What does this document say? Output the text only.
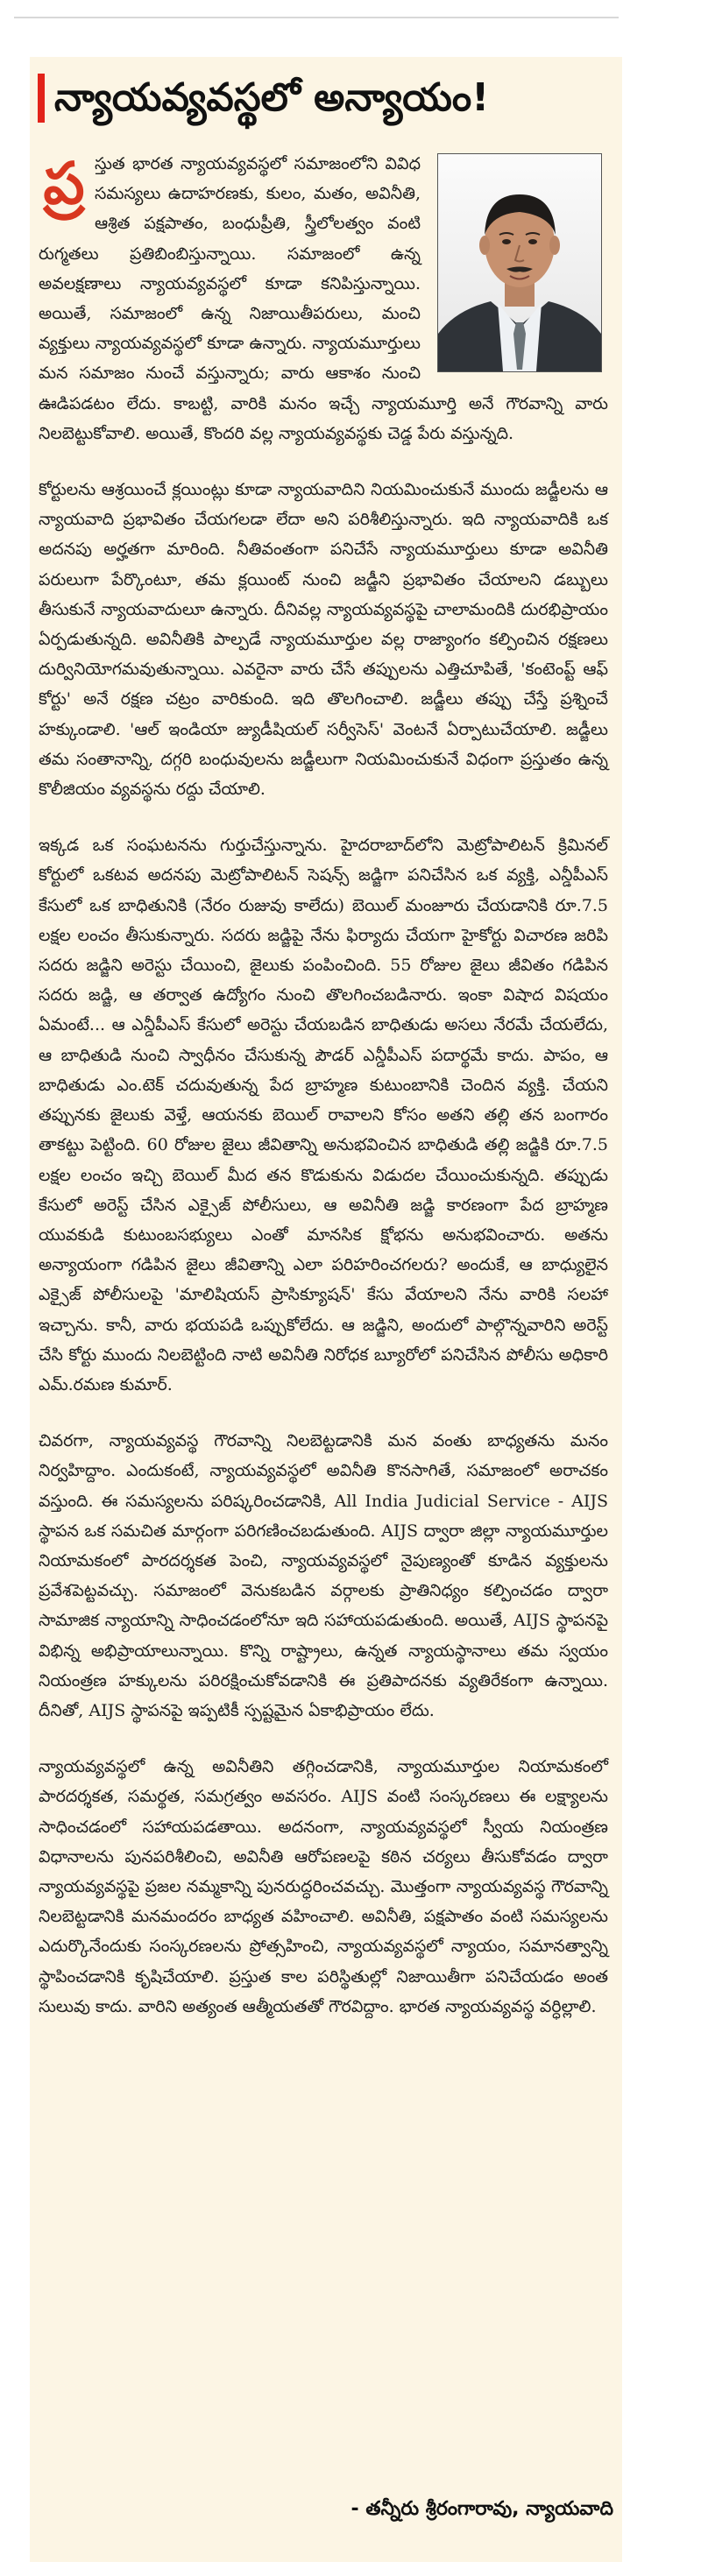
న్యాయవ్యవస్థలో అన్యాయం!

ప్ర స్తుత భారత న్యాయవ్యవస్థలో సమాజంలోని వివిధ సమస్యలు ఉదాహరణకు, కులం, మతం, అవినీతి, ఆశ్రిత పక్షపాతం, బంధుప్రీతి, స్త్రీలోలత్వం వంటి రుగ్మతలు ప్రతిబింబిస్తున్నాయి. సమాజంలో ఉన్న అవలక్షణాలు న్యాయవ్యవస్థలో కూడా కనిపిస్తున్నాయి. అయితే, సమాజంలో ఉన్న నిజాయితీపరులు, మంచి వ్యక్తులు న్యాయవ్యవస్థలో కూడా ఉన్నారు. న్యాయమూర్తులు మన సమాజం నుంచే వస్తున్నారు; వారు ఆకాశం నుంచి ఊడిపడటం లేదు. కాబట్టి, వారికి మనం ఇచ్చే న్యాయమూర్తి అనే గౌరవాన్ని వారు నిలబెట్టుకోవాలి. అయితే, కొందరి వల్ల న్యాయవ్యవస్థకు చెడ్డ పేరు వస్తున్నది.

కోర్టులను ఆశ్రయించే క్లయింట్లు కూడా న్యాయవాదిని నియమించుకునే ముందు జడ్జీలను ఆ న్యాయవాది ప్రభావితం చేయగలడా లేదా అని పరిశీలిస్తున్నారు. ఇది న్యాయవాదికి ఒక అదనపు అర్హతగా మారింది. నీతివంతంగా పనిచేసే న్యాయమూర్తులు కూడా అవినీతి పరులుగా పేర్కొంటూ, తమ క్లయింట్ నుంచి జడ్జీని ప్రభావితం చేయాలని డబ్బులు తీసుకునే న్యాయవాదులూ ఉన్నారు. దీనివల్ల న్యాయవ్యవస్థపై చాలామందికి దురభిప్రాయం ఏర్పడుతున్నది. అవినీతికి పాల్పడే న్యాయమూర్తుల వల్ల రాజ్యాంగం కల్పించిన రక్షణలు దుర్వినియోగమవుతున్నాయి. ఎవరైనా వారు చేసే తప్పులను ఎత్తిచూపితే, 'కంటెంప్ట్ ఆఫ్ కోర్టు' అనే రక్షణ చట్రం వారికుంది. ఇది తొలగించాలి. జడ్జీలు తప్పు చేస్తే ప్రశ్నించే హక్కుండాలి. 'ఆల్ ఇండియా జ్యుడీషియల్ సర్వీసెస్' వెంటనే ఏర్పాటుచేయాలి. జడ్జీలు తమ సంతానాన్ని, దగ్గరి బంధువులను జడ్జీలుగా నియమించుకునే విధంగా ప్రస్తుతం ఉన్న కొలీజియం వ్యవస్థను రద్దు చేయాలి.

ఇక్కడ ఒక సంఘటనను గుర్తుచేస్తున్నాను. హైదరాబాద్‌లోని మెట్రోపాలిటన్ క్రిమినల్ కోర్టులో ఒకటవ అదనపు మెట్రోపాలిటన్ సెషన్స్ జడ్జిగా పనిచేసిన ఒక వ్యక్తి, ఎన్డీపీఎస్ కేసులో ఒక బాధితునికి (నేరం రుజువు కాలేదు) బెయిల్ మంజూరు చేయడానికి రూ.7.5 లక్షల లంచం తీసుకున్నారు. సదరు జడ్జిపై నేను ఫిర్యాదు చేయగా హైకోర్టు విచారణ జరిపి సదరు జడ్జిని అరెస్టు చేయించి, జైలుకు పంపించింది. 55 రోజుల జైలు జీవితం గడిపిన సదరు జడ్జి, ఆ తర్వాత ఉద్యోగం నుంచి తొలగించబడినారు. ఇంకా విషాద విషయం ఏమంటే... ఆ ఎన్డీపీఎస్ కేసులో అరెస్టు చేయబడిన బాధితుడు అసలు నేరమే చేయలేదు, ఆ బాధితుడి నుంచి స్వాధీనం చేసుకున్న పౌడర్ ఎన్డీపీఎస్ పదార్థమే కాదు. పాపం, ఆ బాధితుడు ఎం.టెక్ చదువుతున్న పేద బ్రాహ్మణ కుటుంబానికి చెందిన వ్యక్తి. చేయని తప్పునకు జైలుకు వెళ్తే, ఆయనకు బెయిల్ రావాలని కోసం అతని తల్లి తన బంగారం తాకట్టు పెట్టింది. 60 రోజుల జైలు జీవితాన్ని అనుభవించిన బాధితుడి తల్లి జడ్జికి రూ.7.5 లక్షల లంచం ఇచ్చి బెయిల్ మీద తన కొడుకును విడుదల చేయించుకున్నది. తప్పుడు కేసులో అరెస్ట్ చేసిన ఎక్సైజ్ పోలీసులు, ఆ అవినీతి జడ్జి కారణంగా పేద బ్రాహ్మణ యువకుడి కుటుంబసభ్యులు ఎంతో మానసిక క్షోభను అనుభవించారు. అతను అన్యాయంగా గడిపిన జైలు జీవితాన్ని ఎలా పరిహరించగలరు? అందుకే, ఆ బాధ్యులైన ఎక్సైజ్ పోలీసులపై 'మాలిషియస్ ప్రాసిక్యూషన్' కేసు వేయాలని నేను వారికి సలహా ఇచ్చాను. కానీ, వారు భయపడి ఒప్పుకోలేదు. ఆ జడ్జిని, అందులో పాల్గొన్నవారిని అరెస్ట్ చేసి కోర్టు ముందు నిలబెట్టింది నాటి అవినీతి నిరోధక బ్యూరోలో పనిచేసిన పోలీసు అధికారి ఎమ్.రమణ కుమార్.

చివరగా, న్యాయవ్యవస్థ గౌరవాన్ని నిలబెట్టడానికి మన వంతు బాధ్యతను మనం నిర్వహిద్దాం. ఎందుకంటే, న్యాయవ్యవస్థలో అవినీతి కొనసాగితే, సమాజంలో అరాచకం వస్తుంది. ఈ సమస్యలను పరిష్కరించడానికి, All India Judicial Service - AIJS స్థాపన ఒక సమచిత మార్గంగా పరిగణించబడుతుంది. AIJS ద్వారా జిల్లా న్యాయమూర్తుల నియామకంలో పారదర్శకత పెంచి, న్యాయవ్యవస్థలో నైపుణ్యంతో కూడిన వ్యక్తులను ప్రవేశపెట్టవచ్చు. సమాజంలో వెనుకబడిన వర్గాలకు ప్రాతినిధ్యం కల్పించడం ద్వారా సామాజిక న్యాయాన్ని సాధించడంలోనూ ఇది సహాయపడుతుంది. అయితే, AIJS స్థాపనపై విభిన్న అభిప్రాయాలున్నాయి. కొన్ని రాష్ట్రాలు, ఉన్నత న్యాయస్థానాలు తమ స్వయం నియంత్రణ హక్కులను పరిరక్షించుకోవడానికి ఈ ప్రతిపాదనకు వ్యతిరేకంగా ఉన్నాయి. దీనితో, AIJS స్థాపనపై ఇప్పటికీ స్పష్టమైన ఏకాభిప్రాయం లేదు.

న్యాయవ్యవస్థలో ఉన్న అవినీతిని తగ్గించడానికి, న్యాయమూర్తుల నియామకంలో పారదర్శకత, సమర్థత, సమగ్రత్వం అవసరం. AIJS వంటి సంస్కరణలు ఈ లక్ష్యాలను సాధించడంలో సహాయపడతాయి. అదనంగా, న్యాయవ్యవస్థలో స్వీయ నియంత్రణ విధానాలను పునపరిశీలించి, అవినీతి ఆరోపణలపై కఠిన చర్యలు తీసుకోవడం ద్వారా న్యాయవ్యవస్థపై ప్రజల నమ్మకాన్ని పునరుద్ధరించవచ్చు. మొత్తంగా న్యాయవ్యవస్థ గౌరవాన్ని నిలబెట్టడానికి మనమందరం బాధ్యత వహించాలి. అవినీతి, పక్షపాతం వంటి సమస్యలను ఎదుర్కొనేందుకు సంస్కరణలను ప్రోత్సహించి, న్యాయవ్యవస్థలో న్యాయం, సమానత్వాన్ని స్థాపించడానికి కృషిచేయాలి. ప్రస్తుత కాల పరిస్థితుల్లో నిజాయితీగా పనిచేయడం అంత సులువు కాదు. వారిని అత్యంత ఆత్మీయతతో గౌరవిద్దాం. భారత న్యాయవ్యవస్థ వర్ధిల్లాలి.

- తన్నీరు శ్రీరంగారావు, న్యాయవాది
